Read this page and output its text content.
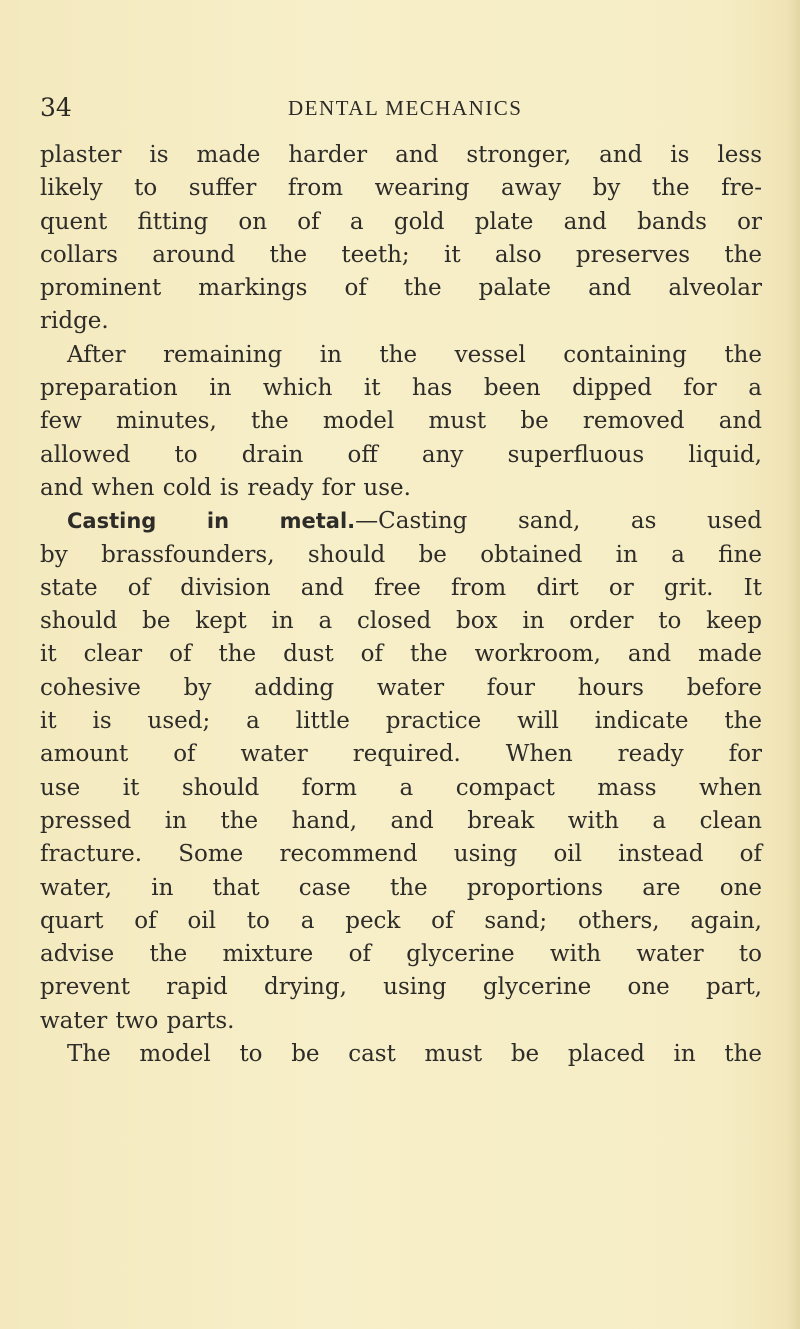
34	DENTAL MECHANICS
plaster is made harder and stronger, and is less
likely to suffer from wearing away by the fre-
quent fitting on of a gold plate and bands or
collars around the teeth; it also preserves the
prominent markings of the palate and alveolar
ridge.
After remaining in the vessel containing the
preparation in which it has been dipped for a
few minutes, the model must be removed and
allowed to drain off any superfluous liquid,
and when cold is ready for use.
Casting in metal.—Casting sand, as used
by brassfounders, should be obtained in a fine
state of division and free from dirt or grit. It
should be kept in a closed box in order to keep
it clear of the dust of the workroom, and made
cohesive by adding water four hours before
it is used; a little practice will indicate the
amount of water required. When ready for
use it should form a compact mass when
pressed in the hand, and break with a clean
fracture. Some recommend using oil instead of
water, in that case the proportions are one
quart of oil to a peck of sand; others, again,
advise the mixture of glycerine with water to
prevent rapid drying, using glycerine one part,
water two parts.
The model to be cast must be placed in the
